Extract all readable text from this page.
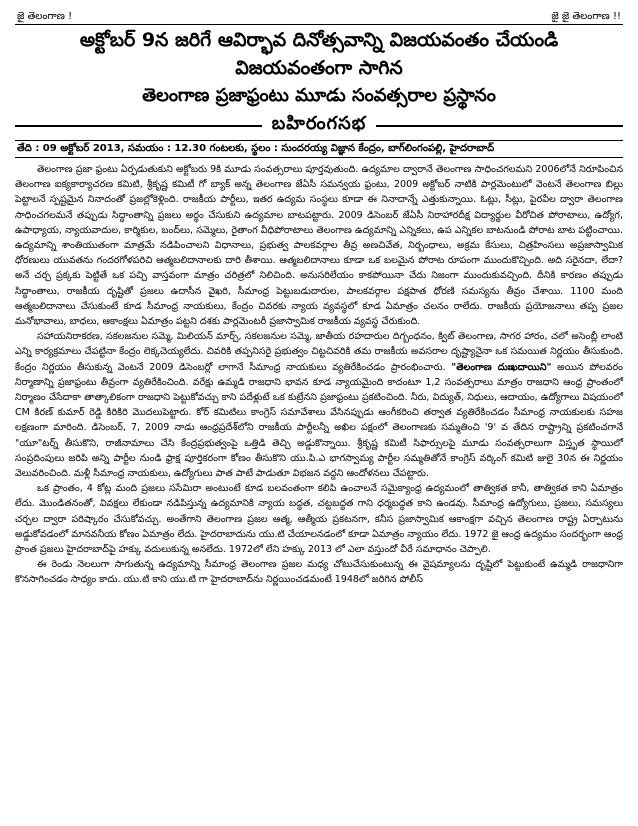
జై తెలంగాణ !	జై జై తెలంగాణ !!
అక్టోబర్ 9న జరిగే ఆవిర్భావ దినోత్సవాన్ని విజయవంతం చేయండి
విజయవంతంగా సాగిన
తెలంగాణ ప్రజాఫ్రంటు మూడు సంవత్సరాల ప్రస్థానం
బహిరంగసభ
తేది : 09 అక్టోబర్ 2013, సమయం : 12.30 గంటలకు, స్థలం : సుందరయ్య విజ్ఞాన కేంద్రం, బాగ్‌లింగంపల్లి, హైదరాబాద్

తెలంగాణ ప్రజా ఫ్రంటు ఏర్పడుతుకుని అక్టోబరు 9కి మూడు సంవత్సరాలు పూర్తవుతుంది. ఉద్యమాల ద్వారానే తెలంగాణ సాధించగలమని 2006లోనే నిరూపించిన తెలంగాణ ఐక్యకార్యాచరణ కమిటి, శ్రీకృష్ణ కమిటీ గో బ్యాక్ అన్న తెలంగాణ జేఏసీ సమన్వయ ఫ్రంటు, 2009 అక్టోబర్ నాటికి పార్లమెంటులో వెంటనే తెలంగాణ బిల్లు పెట్టాలనే స్పష్టమైన నినాదంతో ప్రజల్లోకెళ్లింది. రాజకీయ పార్టీలు, ఇతర ఉద్యమ సంస్థలు కూడా ఈ నినాదాన్నే ఎత్తుకున్నాయి. ఓట్లు, సీట్లు, పైరవీల ద్వారా తెలంగాణ సాధించగలమనే తప్పుడు సిద్ధాంతాన్ని ప్రజలు అర్థం చేసుకుని ఉద్యమాల బాటపట్టారు. 2009 డిసెంబర్ జేఏసీ నిరాహారదీక్ష విద్యార్థుల వీరోచిత పోరాటాలు, ఉద్యోగ, ఉపాధ్యాయ, న్యాయవాదుల, కార్మికుల, బంద్‌లు, సమ్మెలు, రైతాంగ వీధిపోరాటాలు తెలంగాణ ఉద్యమాన్ని ఎన్నికలు, ఉప ఎన్నికల బాటనుండి పోరాట బాట పట్టించాయి. ఉద్యమాన్ని శాంతియుతంగా మాత్రమే నడిపించాలని విధానాలు, ప్రభుత్వ పాలకవర్గాల తీవ్ర అణచివేత, నిర్బంధాలు, అక్రమ కేసులు, చిత్రహింసలు అప్రజాస్వామిక ధోరణులు యువతను గందరగోళపరిచి ఆత్మబలిదానాలకు దారి తీశాయి. ఆత్మబలిదానాలు కూడా ఒక బలమైన పోరాట రూపంగా ముందుకొచ్చింది. అది సరైనదా, లేదా? అనే చర్చ ప్రక్కకు పెట్టితే ఒక పచ్చి వాస్తవంగా మాత్రం చరిత్రలో నిలిచింది. అనుసరిలేయం కాకపోయినా చేదు నిజంగా ముందుకువచ్చింది. దీనికి కారణం తప్పుడు సిద్ధాంతాలు, రాజకీయ దృష్టితో ప్రజలు ఉదాసీన వైఖరి, సీమాంధ్ర పెట్టుబడుదారుల, పాలకవర్గాల పక్షపాత ధోరణి సమస్యను తీవ్రం చేశాయి. 1100 మంది ఆత్మబలిదానాలు చేసుకుంటే కూడ సీమాంధ్ర నాయకులు, కేంద్రం చివరకు న్యాయ వ్యవస్థలో కూడ ఏమాత్రం చలనం రాలేదు. రాజకీయ ప్రయోజనాలు తప్ప ప్రజల మనోభావాలు, బాధలు, ఆకాంక్షలు ఏమాత్రం పట్టని దశకు పార్లమెంటరీ ప్రజాస్వామిక రాజకీయ వ్యవస్థ చేరుకుంది.

సహాయనిరాకరణ, సకలజనుల సమ్మె, మిలియన్ మార్చ్, సకలజనుల సమ్మె, జాతీయ రహదారుల దిగ్బంధనం, క్విట్ తెలంగాణ, సాగర హారం, చలో అసెంబ్లీ లాంటి ఎన్ని కార్యక్రమాలు చేపట్టినా కేంద్రం లెక్కచెయ్యలేదు. చివరికి తప్పనిసరై ప్రభుత్వం చిట్టచివరికి తమ రాజకీయ అవసరాల దృష్ట్యానైనా ఒక సమయిత నిర్ణయం తీసుకుంది. కేంద్రం నిర్ణయం తీసుకున్న వెంటనే 2009 డిసెంబర్లో లాగానే సీమాంధ్ర నాయకులు వ్యతిరేకించడం ప్రారంభించారు. "తెలంగాణ దుఃఖదాయిని" అయిన పోలవరం నిర్మాణాన్ని ప్రజాఫ్రంటు తీవ్రంగా వ్యతిరేకించింది. వరేక్షు ఉమ్మడి రాజధాని భావన కూడ న్యాయమైంది కాదంటూ 1,2 సంవత్సరాలు మాత్రం రాజధాని ఆంధ్ర ప్రాంతంలో నిర్మాణం చేసేదాకా తాత్కాలికంగా రాజధాని పెట్టుకోవచ్చు కాని పదేళ్లుటే ఒక కుట్రేనని ప్రజాఫ్రంటు ప్రకటించింది. నీరు, విద్యుత్, నిధులు, ఆదాయం, ఉద్యోగాలు విషయంలో CM కిరణ్ కుమార్ రెడ్డి కిరికిరి మొదలుపెట్టారు. కోర్ కమిటిలు కాంగ్రెస్ సమావేశాలు వేసినప్పుడు ఆంగీకరించి తర్వాత వ్యతిరేకించడం సీమాంధ్ర నాయకులకు సహజ లక్షణంగా మారింది. డిసెంబర్, 7, 2009 నాడు ఆంధ్రప్రదేశ్‌లోని రాజకీయ పార్టీలన్నీ అఖిల పక్షంలో తెలంగాణకు సమ్మతించి '9' వ తేదిన రాష్ట్రాన్ని ప్రకటించగానే "యూ"టర్న్ తీసుకొని, రాజీనామాలు చేసి కేంద్రప్రభుత్వంపై ఒత్తిడి తెచ్చి అడ్డుకొన్నాయి. శ్రీకృష్ణ కమిటీ సిఫార్సులపై మూడు సంవత్సరాలుగా విస్తృత స్థాయిలో సంప్రదింపులు జరిపి అన్ని పార్టీల నుండి ఫ్రాక్ష పూర్తికరంగా కోణం తీసుకొని యు.పి.ఎ భాగస్వామ్య పార్టీల సమ్మతితోనే కాంగ్రెస్ వర్కింగ్ కమిటి జులై 30న ఈ నిర్ణయం వెలువరించింది. మళ్లీ సీమాంధ్ర నాయకులు, ఉద్యోగులు పాత పాటే పాడుతూ విభజన వద్దని ఆందోళనలు చేపట్టారు.

ఒక ప్రాంతం, 4 కోట్ల మంది ప్రజలు ససేమిరా అంటుంటే కూడ బలవంతంగా కలిపి ఉంచాలనే సమైక్యాంధ్ర ఉద్యమంలో తాత్వికత కానీ, తాత్వికత కాని ఏమాత్రం లేదు. మొండితనంతో, వివక్షలు లేకుండా నడిపిస్తున్న ఉద్యమానికి న్యాయ బద్ధత, చట్టబద్ధత గాని ధర్మబద్ధత కాని ఉండవు. సీమాంధ్ర ఉద్యోగులు, ప్రజలు, సమస్యలు చర్చల ద్వారా పరిష్కారం చేసుకోవచ్చు. అంతేగాని తెలంగాణ ప్రజల ఆత్మ, ఆత్మీయ ప్రకటనగా, కనీస ప్రజాస్వామిక ఆకాంక్షగా వచ్చిన తెలంగాణ రాష్ట్ర ఏర్పాటును అడ్డుకోవడంలో మానవనీయ కోణం ఏమాత్రం లేదు. హైదరాబాదును యు.టి చేయాలనడంలో కూడా ఏమాత్రం న్యాయం లేదు. 1972 జై ఆంధ్ర ఉద్యమం సందర్భంగా ఆంధ్ర ప్రాంత ప్రజలు హైదరాబాద్‌పై హక్కు వదులుకున్న అనలేదు. 1972లో లేని హక్కు 2013 లో ఎలా వస్తుందో వీరే సమాధానం చెప్పాలి.

ఈ రెండు నెలలుగా సాగుతున్న ఉద్యమాన్ని సీమాంధ్ర తెలంగాణ ప్రజల మధ్య చోటుచేసుకుంటున్న ఈ వైషమ్యాలను దృష్టిలో పెట్టుకుంటే ఉమ్మడి రాజధానిగా కొనసాగించడం సాధ్యం కాదు. యు.టి కాని యు.టి గా హైదరాబాద్‌ను నిర్ణయించడమంటే 1948లో జరిగిన పోలీస్
